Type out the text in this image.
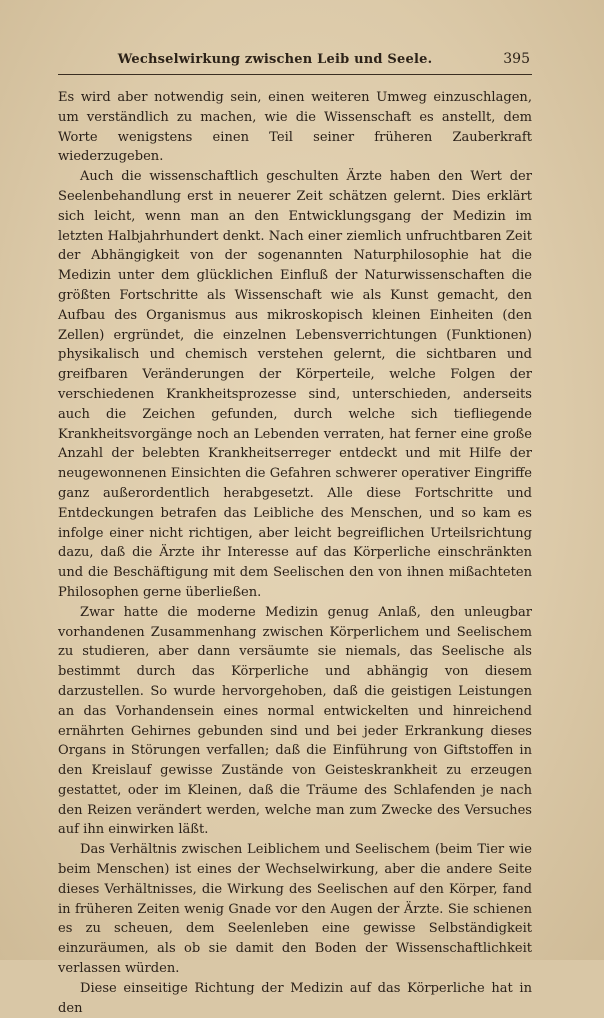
Wechselwirkung zwischen Leib und Seele.	395

Es wird aber notwendig sein, einen weiteren Umweg einzuschlagen, um verständlich zu machen, wie die Wissenschaft es anstellt, dem Worte wenigstens einen Teil seiner früheren Zauberkraft wiederzugeben.

Auch die wissenschaftlich geschulten Ärzte haben den Wert der Seelenbehandlung erst in neuerer Zeit schätzen gelernt. Dies erklärt sich leicht, wenn man an den Entwicklungsgang der Medizin im letzten Halbjahrhundert denkt. Nach einer ziemlich unfruchtbaren Zeit der Abhängigkeit von der sogenannten Naturphilosophie hat die Medizin unter dem glücklichen Einfluß der Naturwissenschaften die größten Fortschritte als Wissenschaft wie als Kunst gemacht, den Aufbau des Organismus aus mikroskopisch kleinen Einheiten (den Zellen) ergründet, die einzelnen Lebensverrichtungen (Funktionen) physikalisch und chemisch verstehen gelernt, die sichtbaren und greifbaren Veränderungen der Körperteile, welche Folgen der verschiedenen Krankheitsprozesse sind, unterschieden, anderseits auch die Zeichen gefunden, durch welche sich tiefliegende Krankheitsvorgänge noch an Lebenden verraten, hat ferner eine große Anzahl der belebten Krankheitserreger entdeckt und mit Hilfe der neugewonnenen Einsichten die Gefahren schwerer operativer Eingriffe ganz außerordentlich herabgesetzt. Alle diese Fortschritte und Entdeckungen betrafen das Leibliche des Menschen, und so kam es infolge einer nicht richtigen, aber leicht begreiflichen Urteilsrichtung dazu, daß die Ärzte ihr Interesse auf das Körperliche einschränkten und die Beschäftigung mit dem Seelischen den von ihnen mißachteten Philosophen gerne überließen.

Zwar hatte die moderne Medizin genug Anlaß, den unleugbar vorhandenen Zusammenhang zwischen Körperlichem und Seelischem zu studieren, aber dann versäumte sie niemals, das Seelische als bestimmt durch das Körperliche und abhängig von diesem darzustellen. So wurde hervorgehoben, daß die geistigen Leistungen an das Vorhandensein eines normal entwickelten und hinreichend ernährten Gehirnes gebunden sind und bei jeder Erkrankung dieses Organs in Störungen verfallen; daß die Einführung von Giftstoffen in den Kreislauf gewisse Zustände von Geisteskrankheit zu erzeugen gestattet, oder im Kleinen, daß die Träume des Schlafenden je nach den Reizen verändert werden, welche man zum Zwecke des Versuches auf ihn einwirken läßt.

Das Verhältnis zwischen Leiblichem und Seelischem (beim Tier wie beim Menschen) ist eines der Wechselwirkung, aber die andere Seite dieses Verhältnisses, die Wirkung des Seelischen auf den Körper, fand in früheren Zeiten wenig Gnade vor den Augen der Ärzte. Sie schienen es zu scheuen, dem Seelenleben eine gewisse Selbständigkeit einzuräumen, als ob sie damit den Boden der Wissenschaftlichkeit verlassen würden.

Diese einseitige Richtung der Medizin auf das Körperliche hat in den
